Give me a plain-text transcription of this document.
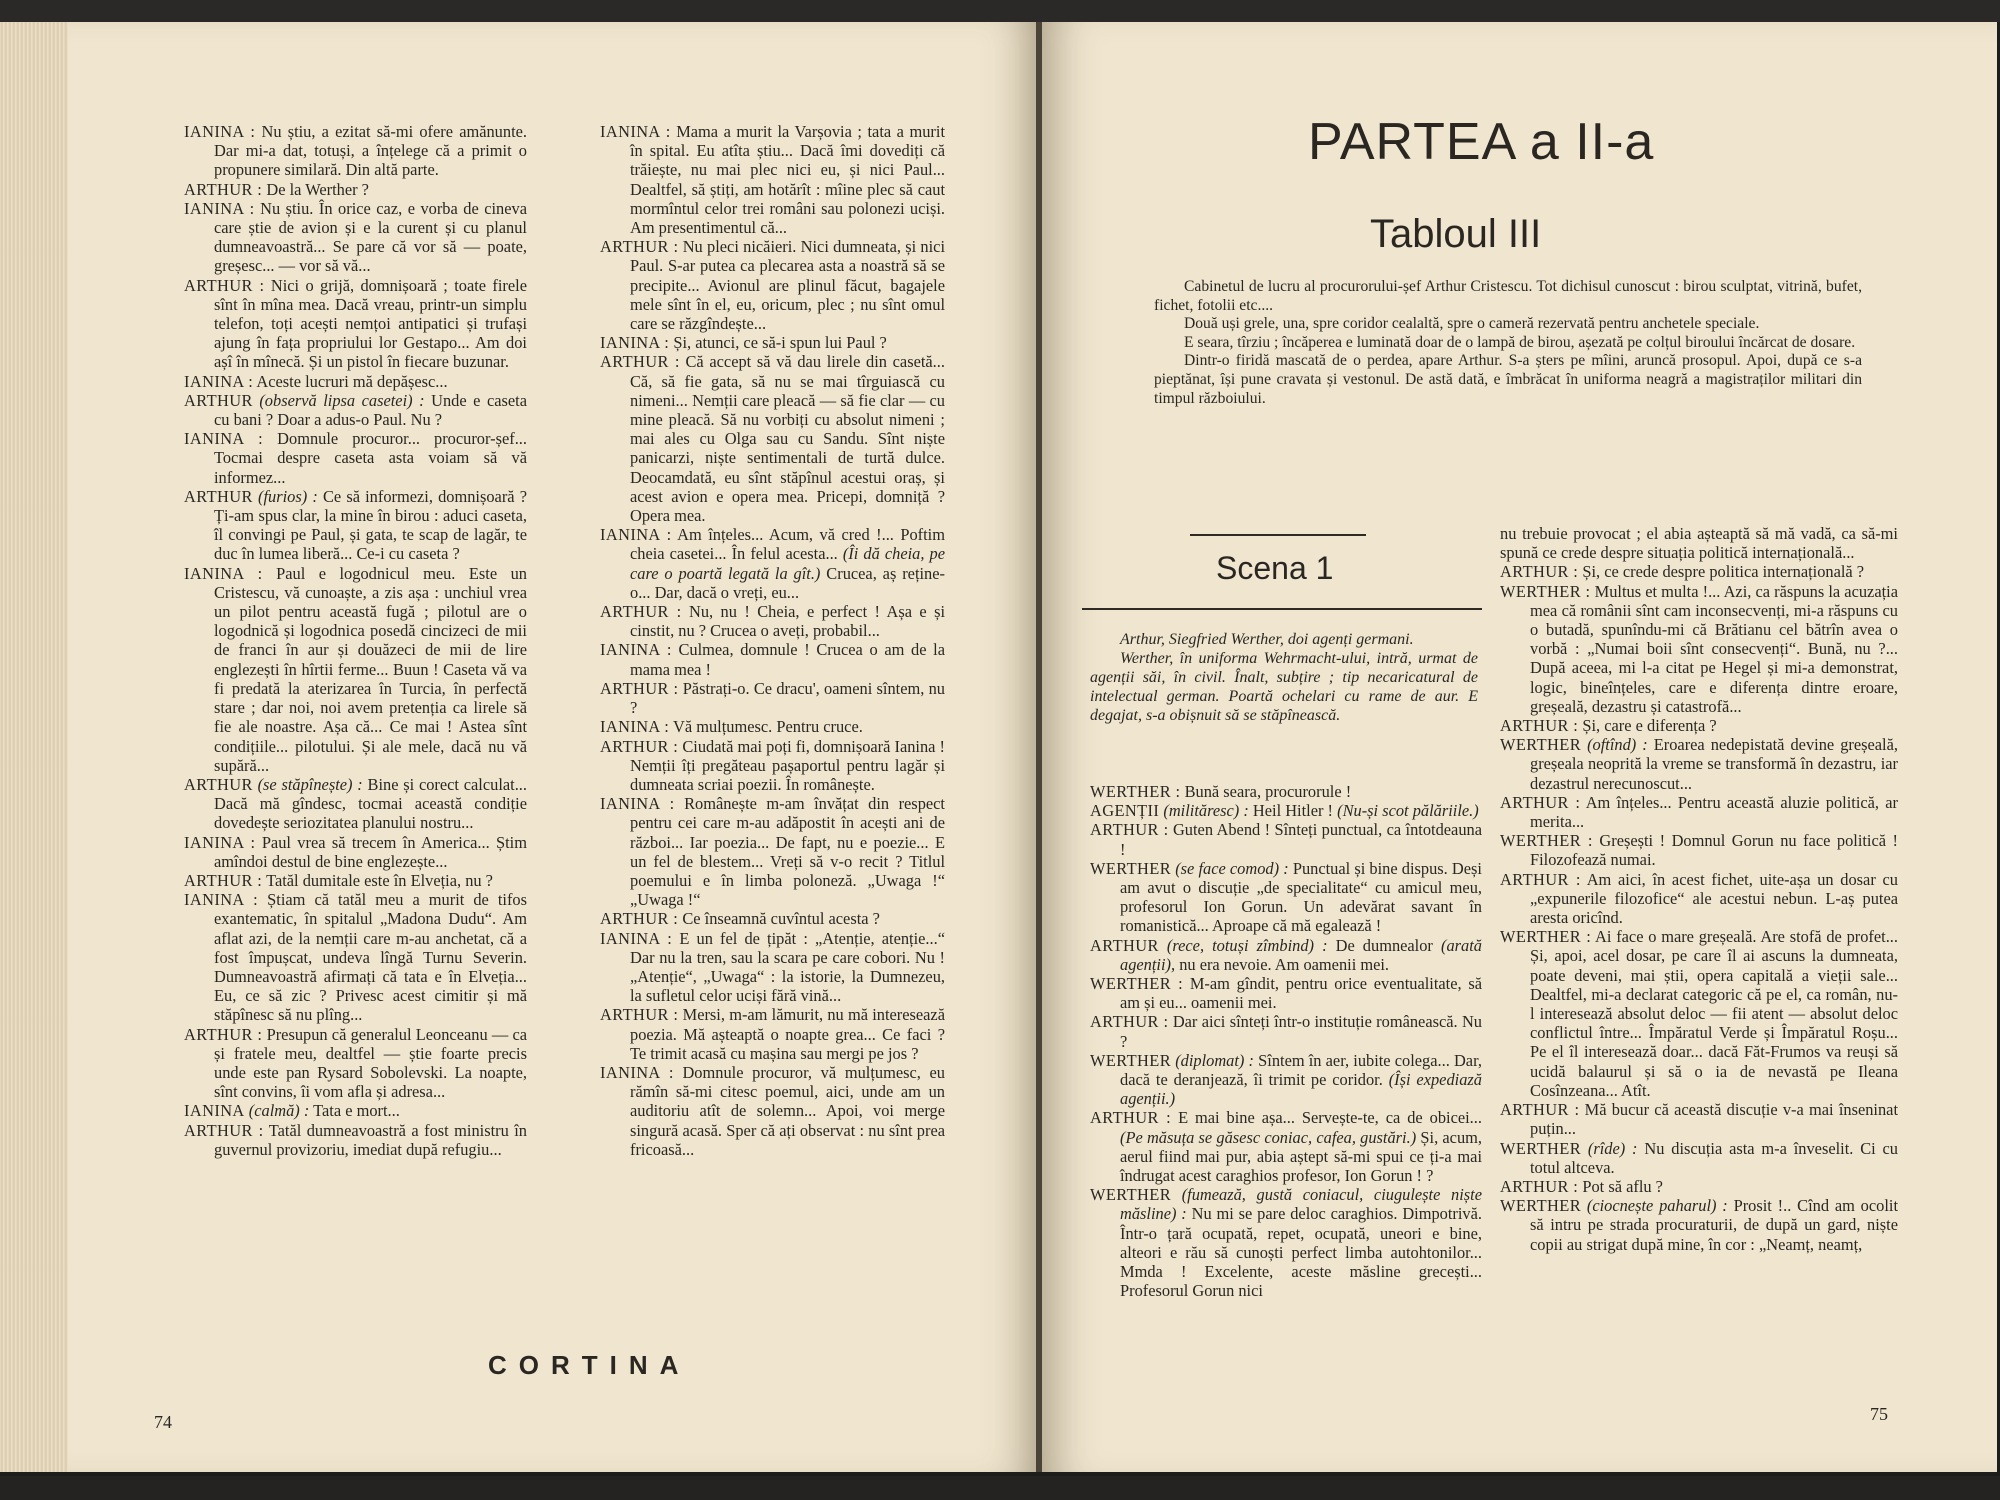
IANINA : Nu știu, a ezitat să-mi ofere amănunte. Dar mi-a dat, totuși, a înțelege că a primit o propunere similară. Din altă parte.

ARTHUR : De la Werther ?

IANINA : Nu știu. În orice caz, e vorba de cineva care știe de avion și e la curent și cu planul dumneavoastră... Se pare că vor să — poate, greșesc... — vor să vă...

ARTHUR : Nici o grijă, domnișoară ; toate firele sînt în mîna mea. Dacă vreau, printr-un simplu telefon, toți acești nemțoi antipatici și trufași ajung în fața propriului lor Gestapo... Am doi așî în mînecă. Și un pistol în fiecare buzunar.

IANINA : Aceste lucruri mă depășesc...

ARTHUR (observă lipsa casetei) : Unde e caseta cu bani ? Doar a adus-o Paul. Nu ?

IANINA : Domnule procuror... procuror-șef... Tocmai despre caseta asta voiam să vă informez...

ARTHUR (furios) : Ce să informezi, domnișoară ? Ți-am spus clar, la mine în birou : aduci caseta, îl convingi pe Paul, și gata, te scap de lagăr, te duc în lumea liberă... Ce-i cu caseta ?

IANINA : Paul e logodnicul meu. Este un Cristescu, vă cunoaște, a zis așa : unchiul vrea un pilot pentru această fugă ; pilotul are o logodnică și logodnica posedă cincizeci de mii de franci în aur și douăzeci de mii de lire englezești în hîrtii ferme... Buun ! Caseta vă va fi predată la aterizarea în Turcia, în perfectă stare ; dar noi, noi avem pretenția ca lirele să fie ale noastre. Așa că... Ce mai ! Astea sînt condițiile... pilotului. Și ale mele, dacă nu vă supără...

ARTHUR (se stăpînește) : Bine și corect calculat... Dacă mă gîndesc, tocmai această condiție dovedește seriozitatea planului nostru...

IANINA : Paul vrea să trecem în America... Știm amîndoi destul de bine englezește...

ARTHUR : Tatăl dumitale este în Elveția, nu ?

IANINA : Știam că tatăl meu a murit de tifos exantematic, în spitalul „Madona Dudu“. Am aflat azi, de la nemții care m-au anchetat, că a fost împușcat, undeva lîngă Turnu Severin. Dumneavoastră afirmați că tata e în Elveția... Eu, ce să zic ? Privesc acest cimitir și mă stăpînesc să nu plîng...

ARTHUR : Presupun că generalul Leonceanu — ca și fratele meu, dealtfel — știe foarte precis unde este pan Rysard Sobolevski. La noapte, sînt convins, îi vom afla și adresa...

IANINA (calmă) : Tata e mort...

ARTHUR : Tatăl dumneavoastră a fost ministru în guvernul provizoriu, imediat după refugiu...

IANINA : Mama a murit la Varșovia ; tata a murit în spital. Eu atîta știu... Dacă îmi dovediți că trăiește, nu mai plec nici eu, și nici Paul... Dealtfel, să știți, am hotărît : mîine plec să caut mormîntul celor trei români sau polonezi uciși. Am presentimentul că...

ARTHUR : Nu pleci nicăieri. Nici dumneata, și nici Paul. S-ar putea ca plecarea asta a noastră să se precipite... Avionul are plinul făcut, bagajele mele sînt în el, eu, oricum, plec ; nu sînt omul care se răzgîndește...

IANINA : Și, atunci, ce să-i spun lui Paul ?

ARTHUR : Că accept să vă dau lirele din casetă... Că, să fie gata, să nu se mai tîrguiască cu nimeni... Nemții care pleacă — să fie clar — cu mine pleacă. Să nu vorbiți cu absolut nimeni ; mai ales cu Olga sau cu Sandu. Sînt niște panicarzi, niște sentimentali de turtă dulce. Deocamdată, eu sînt stăpînul acestui oraș, și acest avion e opera mea. Pricepi, domniță ? Opera mea.

IANINA : Am înțeles... Acum, vă cred !... Poftim cheia casetei... În felul acesta... (Îi dă cheia, pe care o poartă legată la gît.) Crucea, aș reține-o... Dar, dacă o vreți, eu...

ARTHUR : Nu, nu ! Cheia, e perfect ! Așa e și cinstit, nu ? Crucea o aveți, probabil...

IANINA : Culmea, domnule ! Crucea o am de la mama mea !

ARTHUR : Păstrați-o. Ce dracu', oameni sîntem, nu ?

IANINA : Vă mulțumesc. Pentru cruce.

ARTHUR : Ciudată mai poți fi, domnișoară Ianina ! Nemții îți pregăteau pașaportul pentru lagăr și dumneata scriai poezii. În românește.

IANINA : Românește m-am învățat din respect pentru cei care m-au adăpostit în acești ani de război... Iar poezia... De fapt, nu e poezie... E un fel de blestem... Vreți să v-o recit ? Titlul poemului e în limba poloneză. „Uwaga !“ „Uwaga !“

ARTHUR : Ce înseamnă cuvîntul acesta ?

IANINA : E un fel de țipăt : „Atenție, atenție...“ Dar nu la tren, sau la scara pe care cobori. Nu ! „Atenție“, „Uwaga“ : la istorie, la Dumnezeu, la sufletul celor uciși fără vină...

ARTHUR : Mersi, m-am lămurit, nu mă interesează poezia. Mă așteaptă o noapte grea... Ce faci ? Te trimit acasă cu mașina sau mergi pe jos ?

IANINA : Domnule procuror, vă mulțumesc, eu rămîn să-mi citesc poemul, aici, unde am un auditoriu atît de solemn... Apoi, voi merge singură acasă. Sper că ați observat : nu sînt prea fricoasă...

CORTINA
74
PARTEA a II-a
Tabloul III

Cabinetul de lucru al procurorului-șef Arthur Cristescu. Tot dichisul cunoscut : birou sculptat, vitrină, bufet, fichet, fotolii etc....

Două uși grele, una, spre coridor cealaltă, spre o cameră rezervată pentru anchetele speciale.

E seara, tîrziu ; încăperea e luminată doar de o lampă de birou, așezată pe colțul biroului încărcat de dosare.

Dintr-o firidă mascată de o perdea, apare Arthur. S-a șters pe mîini, aruncă prosopul. Apoi, după ce s-a pieptănat, își pune cravata și vestonul. De astă dată, e îmbrăcat în uniforma neagră a magistraților militari din timpul războiului.

Scena 1

Arthur, Siegfried Werther, doi agenți germani.

Werther, în uniforma Wehrmacht-ului, intră, urmat de agenții săi, în civil. Înalt, subțire ; tip necaricatural de intelectual german. Poartă ochelari cu rame de aur. E degajat, s-a obișnuit să se stăpînească.

WERTHER : Bună seara, procurorule !

AGENȚII (milităresc) : Heil Hitler ! (Nu-și scot pălăriile.)

ARTHUR : Guten Abend ! Sînteți punctual, ca întotdeauna !

WERTHER (se face comod) : Punctual și bine dispus. Deși am avut o discuție „de specialitate“ cu amicul meu, profesorul Ion Gorun. Un adevărat savant în romanistică... Aproape că mă egalează !

ARTHUR (rece, totuși zîmbind) : De dumnealor (arată agenții), nu era nevoie. Am oamenii mei.

WERTHER : M-am gîndit, pentru orice eventualitate, să am și eu... oamenii mei.

ARTHUR : Dar aici sînteți într-o instituție românească. Nu ?

WERTHER (diplomat) : Sîntem în aer, iubite colega... Dar, dacă te deranjează, îi trimit pe coridor. (Își expediază agenții.)

ARTHUR : E mai bine așa... Servește-te, ca de obicei... (Pe măsuța se găsesc coniac, cafea, gustări.) Și, acum, aerul fiind mai pur, abia aștept să-mi spui ce ți-a mai îndrugat acest caraghios profesor, Ion Gorun ! ?

WERTHER (fumează, gustă coniacul, ciugulește niște măsline) : Nu mi se pare deloc caraghios. Dimpotrivă. Într-o țară ocupată, repet, ocupată, uneori e bine, alteori e rău să cunoști perfect limba autohtonilor... Mmda ! Excelente, acestе măsline grecești... Profesorul Gorun nici

nu trebuie provocat ; el abia așteaptă să mă vadă, ca să-mi spună ce crede despre situația politică internațională...

ARTHUR : Și, ce crede despre politica internațională ?

WERTHER : Multus et multa !... Azi, ca răspuns la acuzația mea că românii sînt cam inconsecvenți, mi-a răspuns cu o butadă, spunîndu-mi că Brătianu cel bătrîn avea o vorbă : „Numai boii sînt consecvenți“. Bună, nu ?... După aceea, mi l-a citat pe Hegel și mi-a demonstrat, logic, bineînțeles, care e diferența dintre eroare, greșeală, dezastru și catastrofă...

ARTHUR : Și, care e diferența ?

WERTHER (oftînd) : Eroarea nedepistată devine greșeală, greșeala neoprită la vreme se transformă în dezastru, iar dezastrul nerecunoscut...

ARTHUR : Am înțeles... Pentru această aluzie politică, ar merita...

WERTHER : Greșești ! Domnul Gorun nu face politică ! Filozofează numai.

ARTHUR : Am aici, în acest fichet, uite-așa un dosar cu „expunerile filozofice“ ale acestui nebun. L-aș putea aresta oricînd.

WERTHER : Ai face o mare greșeală. Are stofă de profet... Și, apoi, acel dosar, pe care îl ai ascuns la dumneata, poate deveni, mai știi, opera capitală a vieții sale... Dealtfel, mi-a declarat categoric că pe el, ca român, nu-l interesează absolut deloc — fii atent — absolut deloc conflictul între... Împăratul Verde și Împăratul Roșu... Pe el îl interesează doar... dacă Făt-Frumos va reuși să ucidă balaurul și să o ia de nevastă pe Ileana Cosînzeana... Atît.

ARTHUR : Mă bucur că această discuție v-a mai înseninat puțin...

WERTHER (rîde) : Nu discuția asta m-a înveselit. Ci cu totul altceva.

ARTHUR : Pot să aflu ?

WERTHER (ciocnește paharul) : Prosit !.. Cînd am ocolit să intru pe strada procuraturii, de după un gard, niște copii au strigat după mine, în cor : „Neamț, neamț,

75
